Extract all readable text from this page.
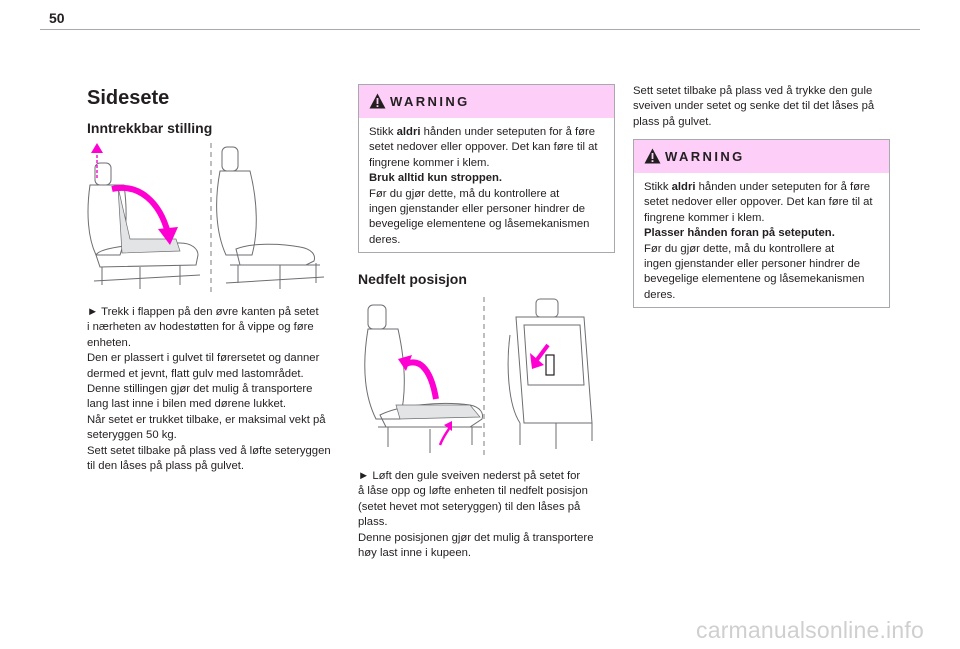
50
Sidesete
Inntrekkbar stilling

► Trekk i flappen på den øvre kanten på setet

i nærheten av hodestøtten for å vippe og føre

enheten.

Den er plassert i gulvet til førersetet og danner

dermed et jevnt, flatt gulv med lastområdet.

Denne stillingen gjør det mulig å transportere

lang last inne i bilen med dørene lukket.

Når setet er trukket tilbake, er maksimal vekt på

seteryggen 50 kg.

Sett setet tilbake på plass ved å løfte seteryggen

til den låses på plass på gulvet.

WARNING

Stikk aldri hånden under seteputen for å føre

setet nedover eller oppover. Det kan føre til at

fingrene kommer i klem.

Bruk alltid kun stroppen.

Før du gjør dette, må du kontrollere at

ingen gjenstander eller personer hindrer de

bevegelige elementene og låsemekanismen

deres.

Nedfelt posisjon

► Løft den gule sveiven nederst på setet for

å låse opp og løfte enheten til nedfelt posisjon

(setet hevet mot seteryggen) til den låses på

plass.

Denne posisjonen gjør det mulig å transportere

høy last inne i kupeen.

Sett setet tilbake på plass ved å trykke den gule

sveiven under setet og senke det til det låses på

plass på gulvet.

WARNING

Stikk aldri hånden under seteputen for å føre

setet nedover eller oppover. Det kan føre til at

fingrene kommer i klem.

Plasser hånden foran på seteputen.

Før du gjør dette, må du kontrollere at

ingen gjenstander eller personer hindrer de

bevegelige elementene og låsemekanismen

deres.

carmanualsonline.info
